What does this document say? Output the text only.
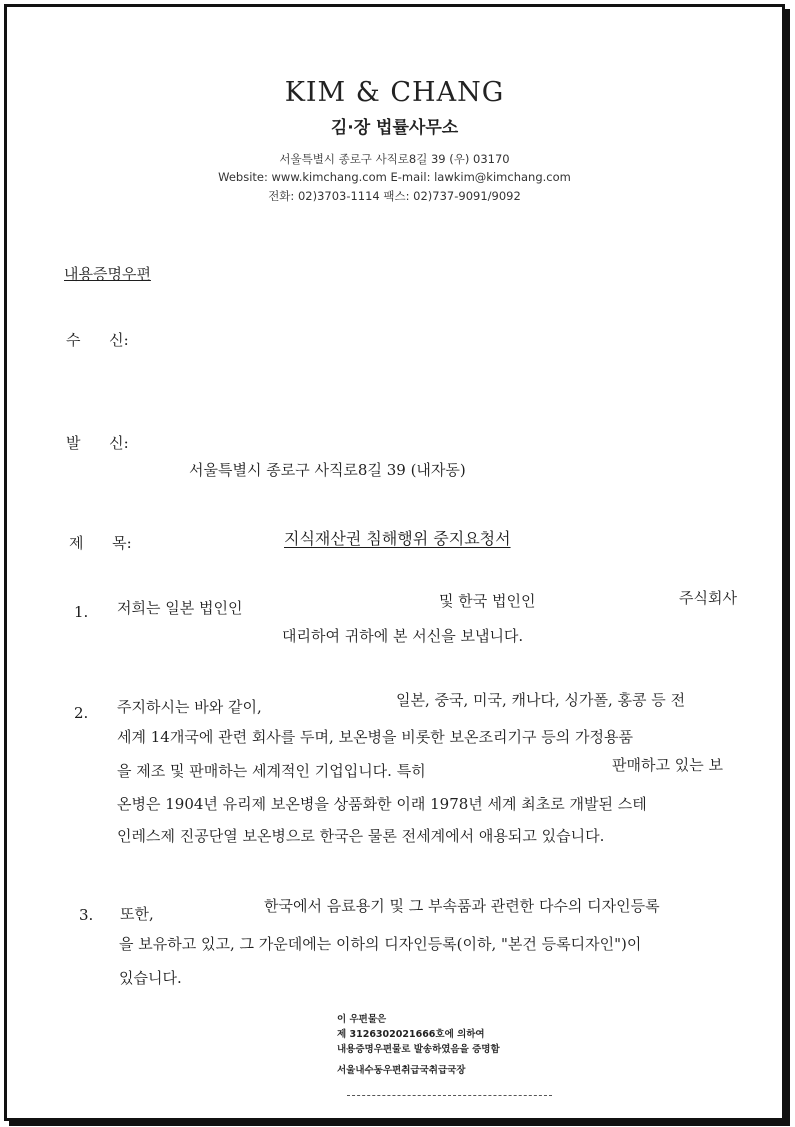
KIM & CHANG
김·장 법률사무소
서울특별시 종로구 사직로8길 39 (우) 03170
Website: www.kimchang.com E-mail: lawkim@kimchang.com
전화: 02)3703-1114 팩스: 02)737-9091/9092
내용증명우편
수      신:
발      신:
서울특별시 종로구 사직로8길 39 (내자동)
제      목:	지식재산권 침해행위 중지요청서
1. 저희는 일본 법인인	및 한국 법인인	주식회사
대리하여 귀하에 본 서신을 보냅니다.
2. 주지하시는 바와 같이,	일본, 중국, 미국, 캐나다, 싱가폴, 홍콩 등 전
세계 14개국에 관련 회사를 두며, 보온병을 비롯한 보온조리기구 등의 가정용품
을 제조 및 판매하는 세계적인 기업입니다. 특히	판매하고 있는 보
온병은 1904년 유리제 보온병을 상품화한 이래 1978년 세계 최초로 개발된 스테
인레스제 진공단열 보온병으로 한국은 물론 전세계에서 애용되고 있습니다.
3. 또한,	한국에서 음료용기 및 그 부속품과 관련한 다수의 디자인등록
을 보유하고 있고, 그 가운데에는 이하의 디자인등록(이하, "본건 등록디자인")이
있습니다.
이 우편물은
제 3126302021666호에 의하여
내용증명우편물로 발송하였음을 증명함
서울내수동우편취급국취급국장
